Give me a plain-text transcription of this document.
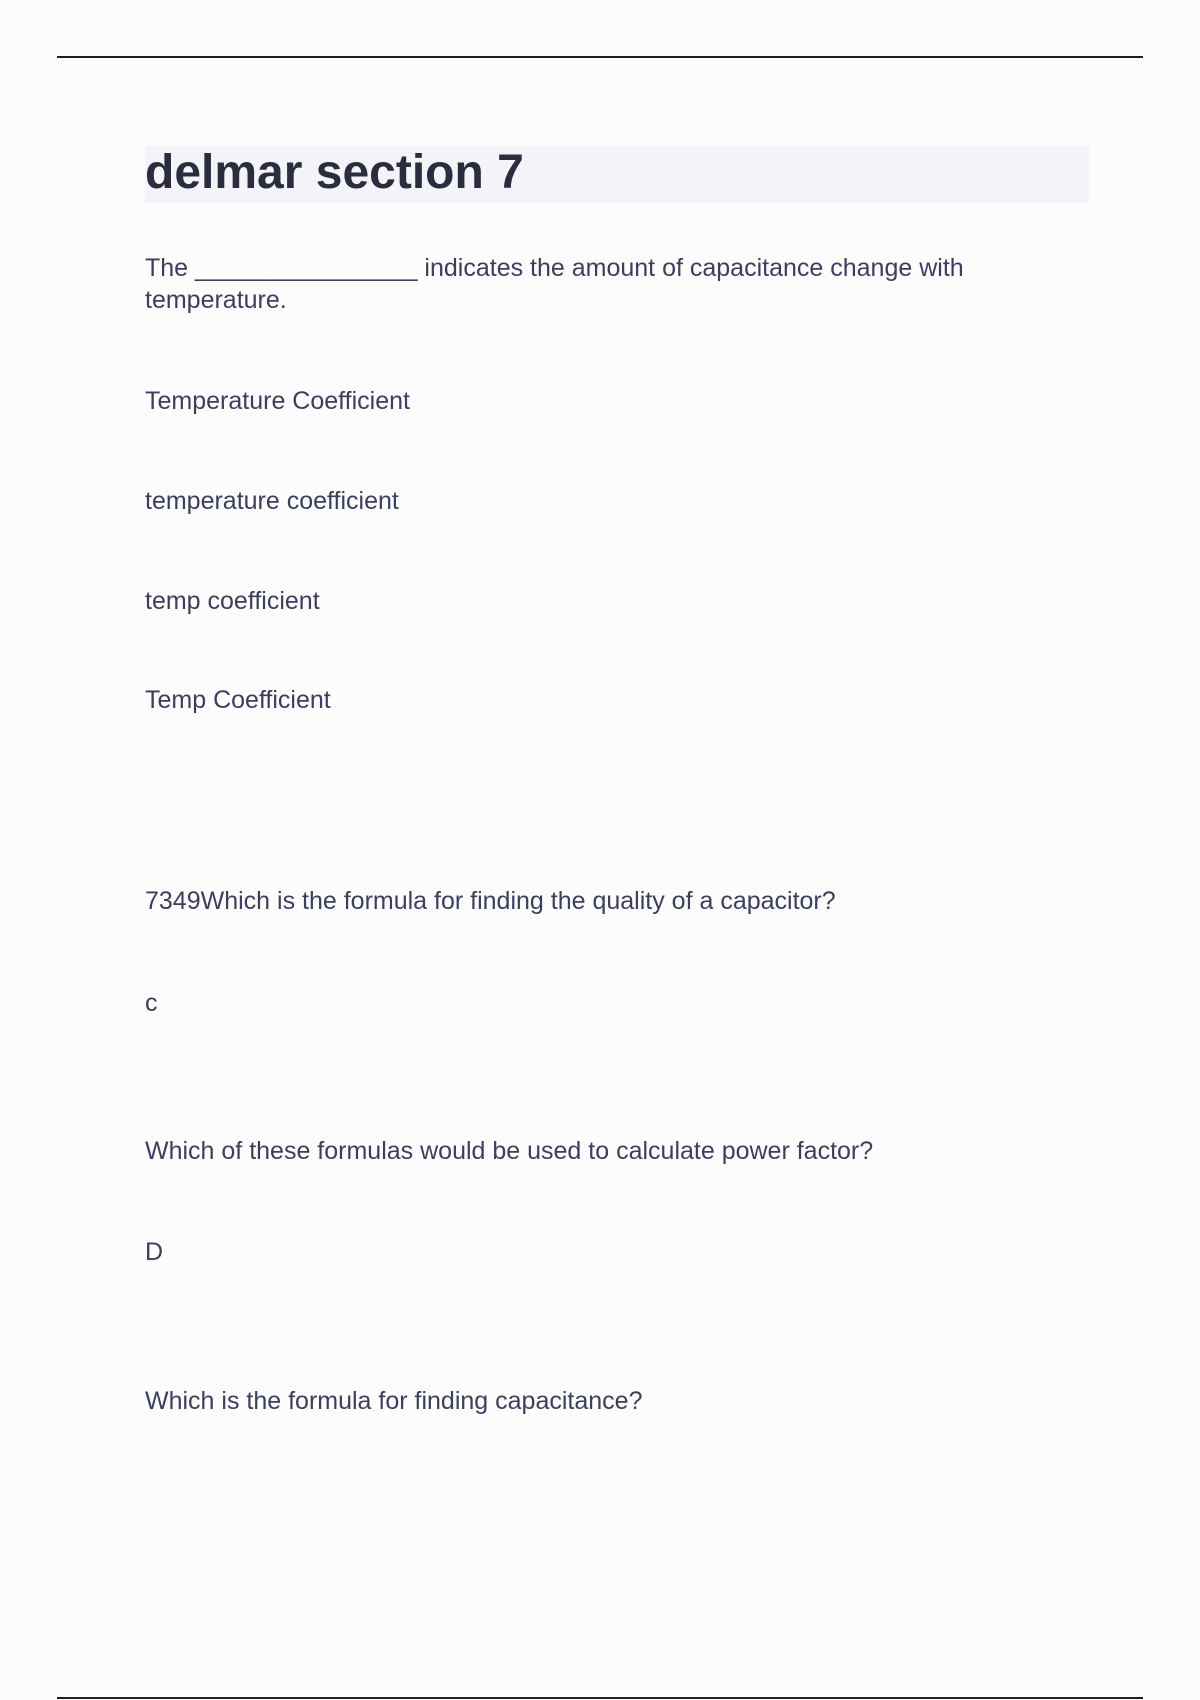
delmar section 7

The ________________ indicates the amount of capacitance change with temperature.

Temperature Coefficient

temperature coefficient

temp coefficient

Temp Coefficient

7349Which is the formula for finding the quality of a capacitor?

c

Which of these formulas would be used to calculate power factor?

D

Which is the formula for finding capacitance?
